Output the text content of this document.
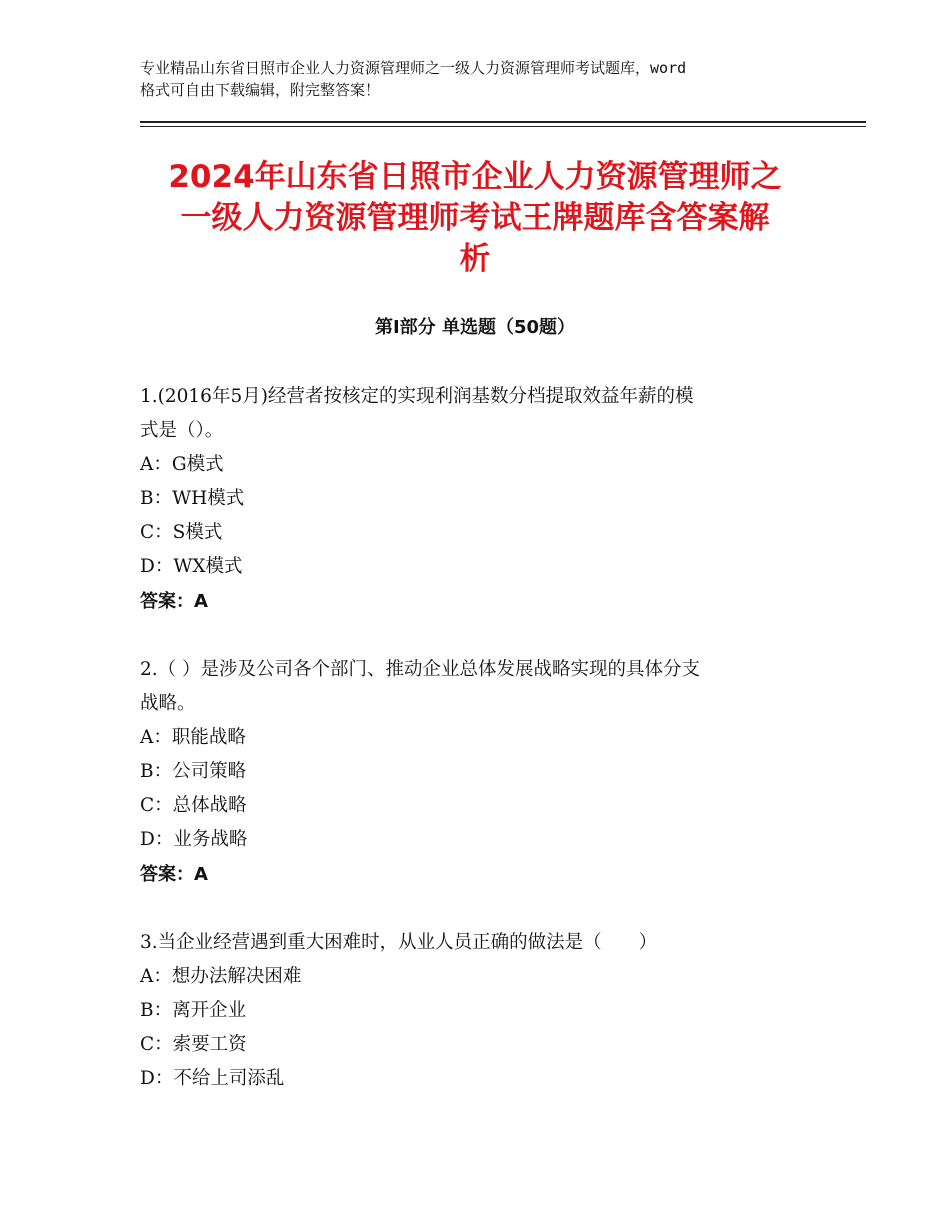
专业精品山东省日照市企业人力资源管理师之一级人力资源管理师考试题库，word
格式可自由下载编辑，附完整答案！
2024年山东省日照市企业人力资源管理师之
一级人力资源管理师考试王牌题库含答案解
析
第Ⅰ部分 单选题（50题）
1.(2016年5月)经营者按核定的实现利润基数分档提取效益年薪的模
式是（）。
A：G模式
B：WH模式
C：S模式
D：WX模式
答案：A
2.（ ）是涉及公司各个部门、推动企业总体发展战略实现的具体分支
战略。
A：职能战略
B：公司策略
C：总体战略
D：业务战略
答案：A
3.当企业经营遇到重大困难时，从业人员正确的做法是（　　）
A：想办法解决困难
B：离开企业
C：索要工资
D：不给上司添乱
